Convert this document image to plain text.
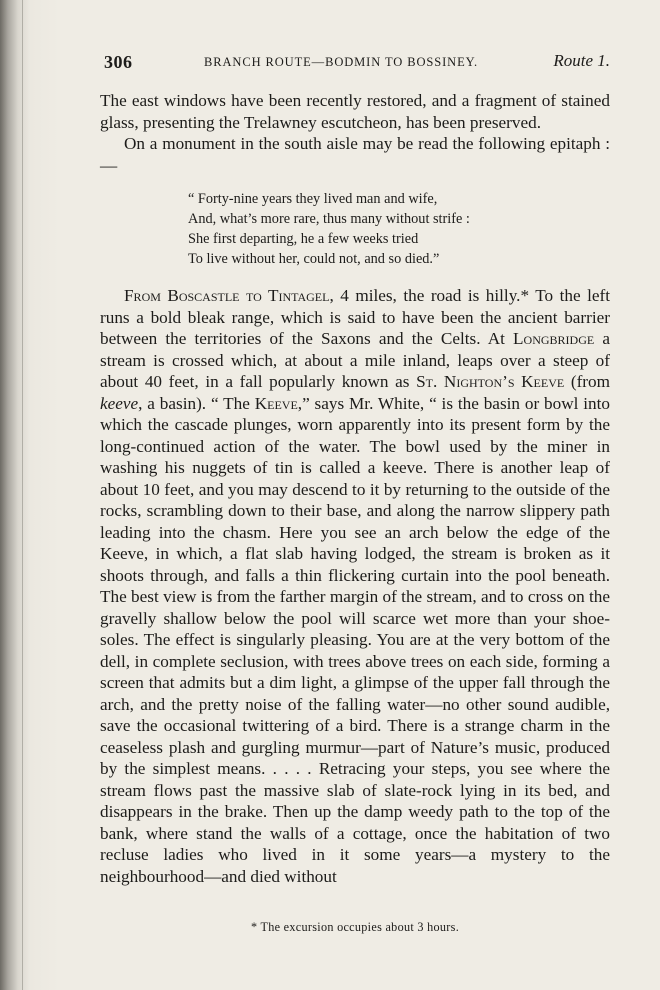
306	BRANCH ROUTE—BODMIN TO BOSSINEY.	Route 1.

The east windows have been recently restored, and a fragment of stained glass, presenting the Trelawney escutcheon, has been preserved.

On a monument in the south aisle may be read the following epitaph :—

“ Forty-nine years they lived man and wife,
And, what’s more rare, thus many without strife :
She first departing, he a few weeks tried
To live without her, could not, and so died.”

From Boscastle to Tintagel, 4 miles, the road is hilly.* To the left runs a bold bleak range, which is said to have been the ancient barrier between the territories of the Saxons and the Celts. At Longbridge a stream is crossed which, at about a mile inland, leaps over a steep of about 40 feet, in a fall popularly known as St. Nighton’s Keeve (from keeve, a basin). “ The Keeve,” says Mr. White, “ is the basin or bowl into which the cascade plunges, worn apparently into its present form by the long-continued action of the water. The bowl used by the miner in washing his nuggets of tin is called a keeve. There is another leap of about 10 feet, and you may descend to it by returning to the outside of the rocks, scrambling down to their base, and along the narrow slippery path leading into the chasm. Here you see an arch below the edge of the Keeve, in which, a flat slab having lodged, the stream is broken as it shoots through, and falls a thin flickering curtain into the pool beneath. The best view is from the farther margin of the stream, and to cross on the gravelly shallow below the pool will scarce wet more than your shoe-soles. The effect is singularly pleasing. You are at the very bottom of the dell, in complete seclusion, with trees above trees on each side, forming a screen that admits but a dim light, a glimpse of the upper fall through the arch, and the pretty noise of the falling water—no other sound audible, save the occasional twittering of a bird. There is a strange charm in the ceaseless plash and gurgling murmur—part of Nature’s music, produced by the simplest means. . . . . Retracing your steps, you see where the stream flows past the massive slab of slate-rock lying in its bed, and disappears in the brake. Then up the damp weedy path to the top of the bank, where stand the walls of a cottage, once the habitation of two recluse ladies who lived in it some years—a mystery to the neighbourhood—and died without

* The excursion occupies about 3 hours.
